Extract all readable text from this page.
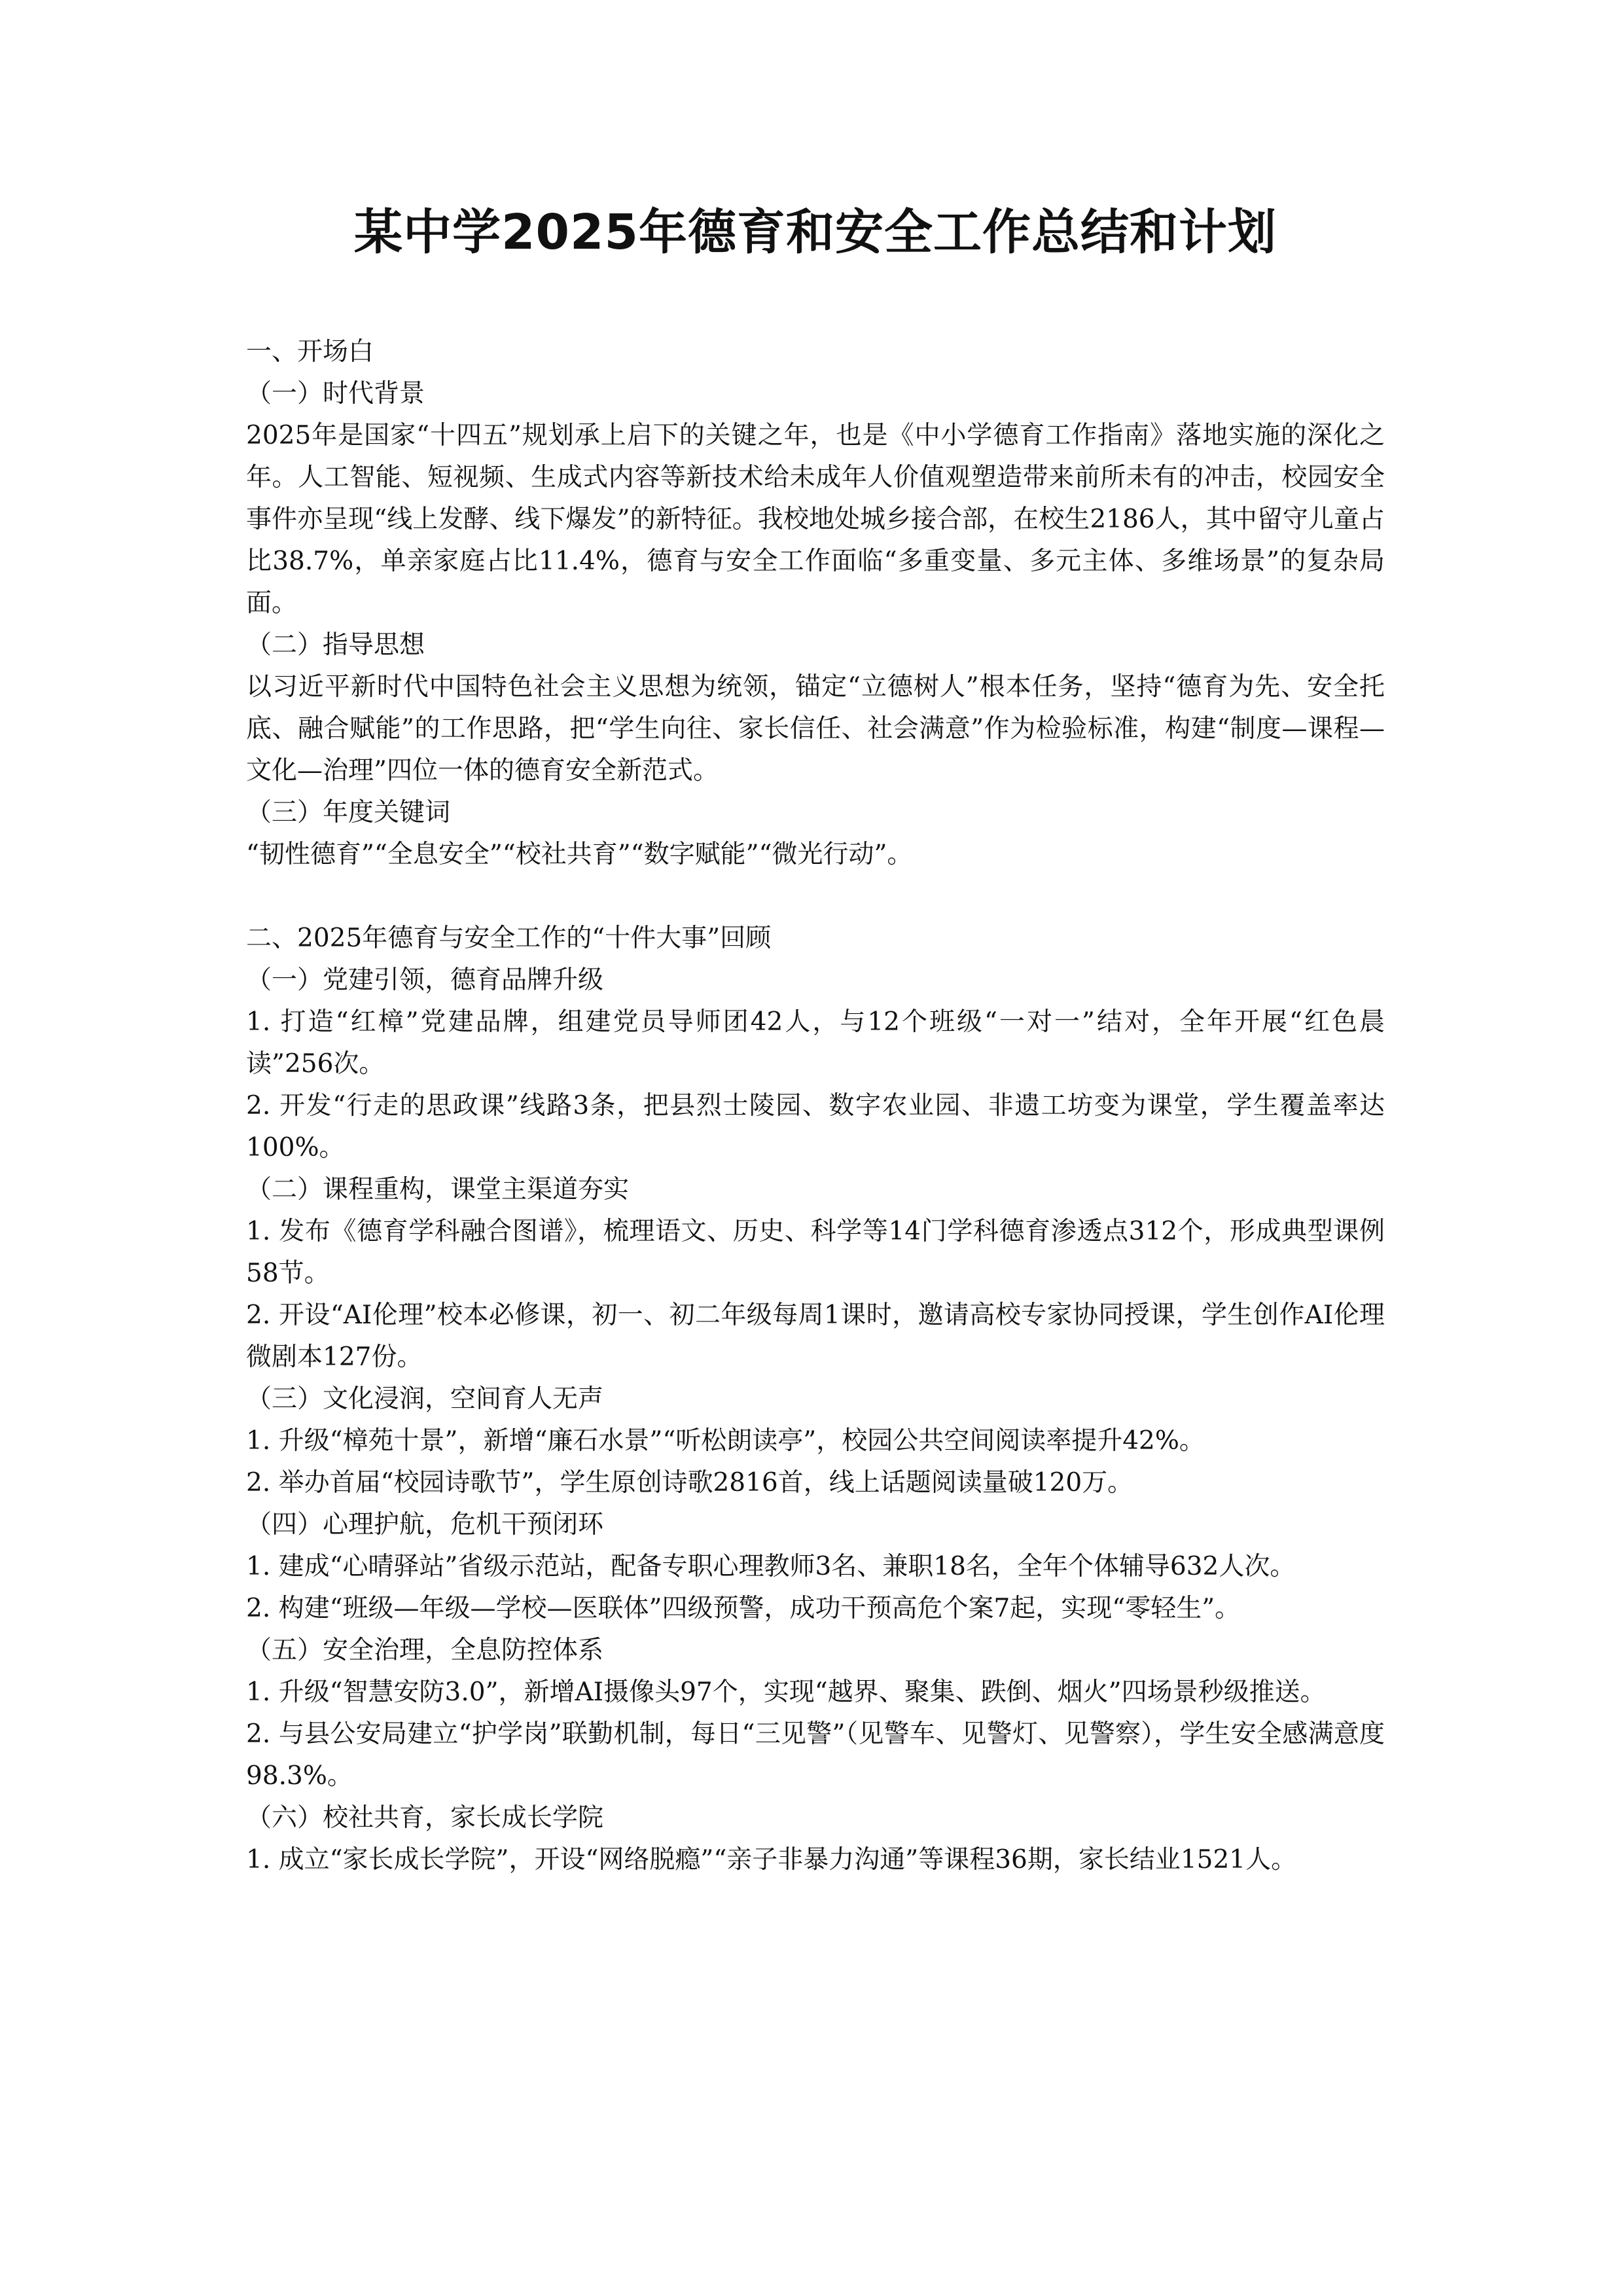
某中学2025年德育和安全工作总结和计划
一、开场白
（一）时代背景
2025年是国家“十四五”规划承上启下的关键之年，也是《中小学德育工作指南》落地实施的深化之年。人工智能、短视频、生成式内容等新技术给未成年人价值观塑造带来前所未有的冲击，校园安全事件亦呈现“线上发酵、线下爆发”的新特征。我校地处城乡接合部，在校生2186人，其中留守儿童占比38.7%，单亲家庭占比11.4%，德育与安全工作面临“多重变量、多元主体、多维场景”的复杂局面。
（二）指导思想
以习近平新时代中国特色社会主义思想为统领，锚定“立德树人”根本任务，坚持“德育为先、安全托底、融合赋能”的工作思路，把“学生向往、家长信任、社会满意”作为检验标准，构建“制度—课程—文化—治理”四位一体的德育安全新范式。
（三）年度关键词
“韧性德育”“全息安全”“校社共育”“数字赋能”“微光行动”。
二、2025年德育与安全工作的“十件大事”回顾
（一）党建引领，德育品牌升级
1. 打造“红樟”党建品牌，组建党员导师团42人，与12个班级“一对一”结对，全年开展“红色晨读”256次。
2. 开发“行走的思政课”线路3条，把县烈士陵园、数字农业园、非遗工坊变为课堂，学生覆盖率达100%。
（二）课程重构，课堂主渠道夯实
1. 发布《德育学科融合图谱》，梳理语文、历史、科学等14门学科德育渗透点312个，形成典型课例58节。
2. 开设“AI伦理”校本必修课，初一、初二年级每周1课时，邀请高校专家协同授课，学生创作AI伦理微剧本127份。
（三）文化浸润，空间育人无声
1. 升级“樟苑十景”，新增“廉石水景”“听松朗读亭”，校园公共空间阅读率提升42%。
2. 举办首届“校园诗歌节”，学生原创诗歌2816首，线上话题阅读量破120万。
（四）心理护航，危机干预闭环
1. 建成“心晴驿站”省级示范站，配备专职心理教师3名、兼职18名，全年个体辅导632人次。
2. 构建“班级—年级—学校—医联体”四级预警，成功干预高危个案7起，实现“零轻生”。
（五）安全治理，全息防控体系
1. 升级“智慧安防3.0”，新增AI摄像头97个，实现“越界、聚集、跌倒、烟火”四场景秒级推送。
2. 与县公安局建立“护学岗”联勤机制，每日“三见警”（见警车、见警灯、见警察），学生安全感满意度98.3%。
（六）校社共育，家长成长学院
1. 成立“家长成长学院”，开设“网络脱瘾”“亲子非暴力沟通”等课程36期，家长结业1521人。
